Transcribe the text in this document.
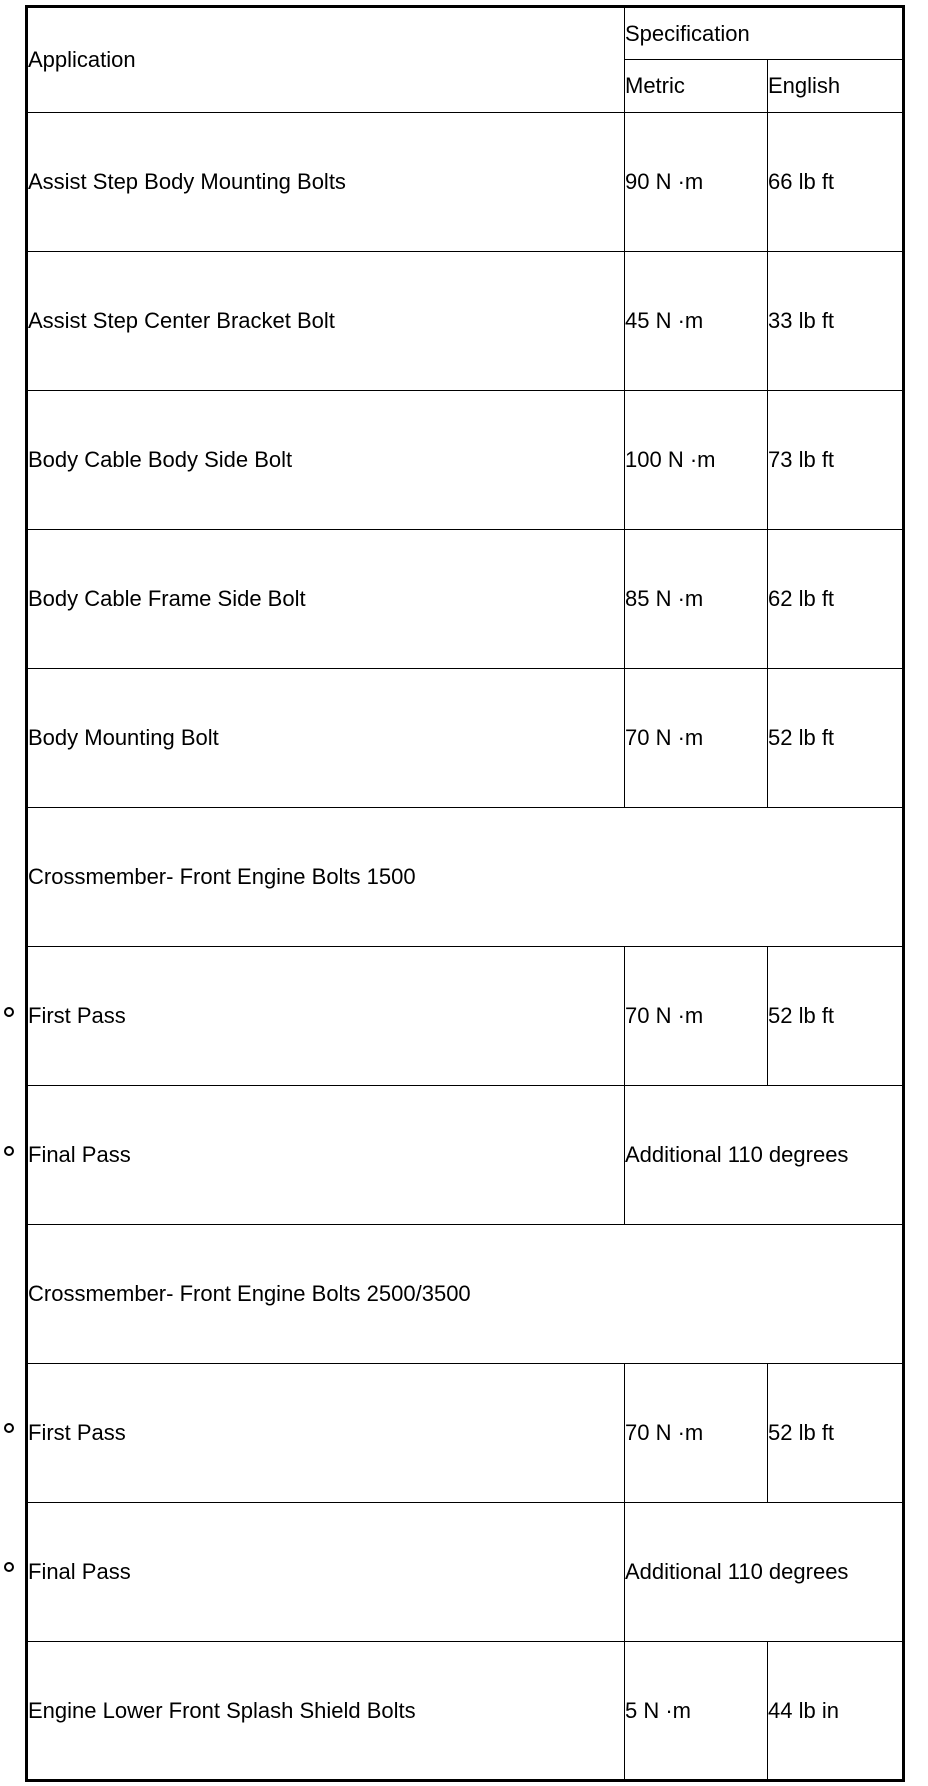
Application	Specification	
	Metric	English
Assist Step Body Mounting Bolts	90 N ·m	66 lb ft
Assist Step Center Bracket Bolt	45 N ·m	33 lb ft
Body Cable Body Side Bolt	100 N ·m	73 lb ft
Body Cable Frame Side Bolt	85 N ·m	62 lb ft
Body Mounting Bolt	70 N ·m	52 lb ft
Crossmember- Front Engine Bolts 1500		
First Pass	70 N ·m	52 lb ft
Final Pass	Additional 110 degrees	
Crossmember- Front Engine Bolts 2500/3500		
First Pass	70 N ·m	52 lb ft
Final Pass	Additional 110 degrees	
Engine Lower Front Splash Shield Bolts	5 N ·m	44 lb in
